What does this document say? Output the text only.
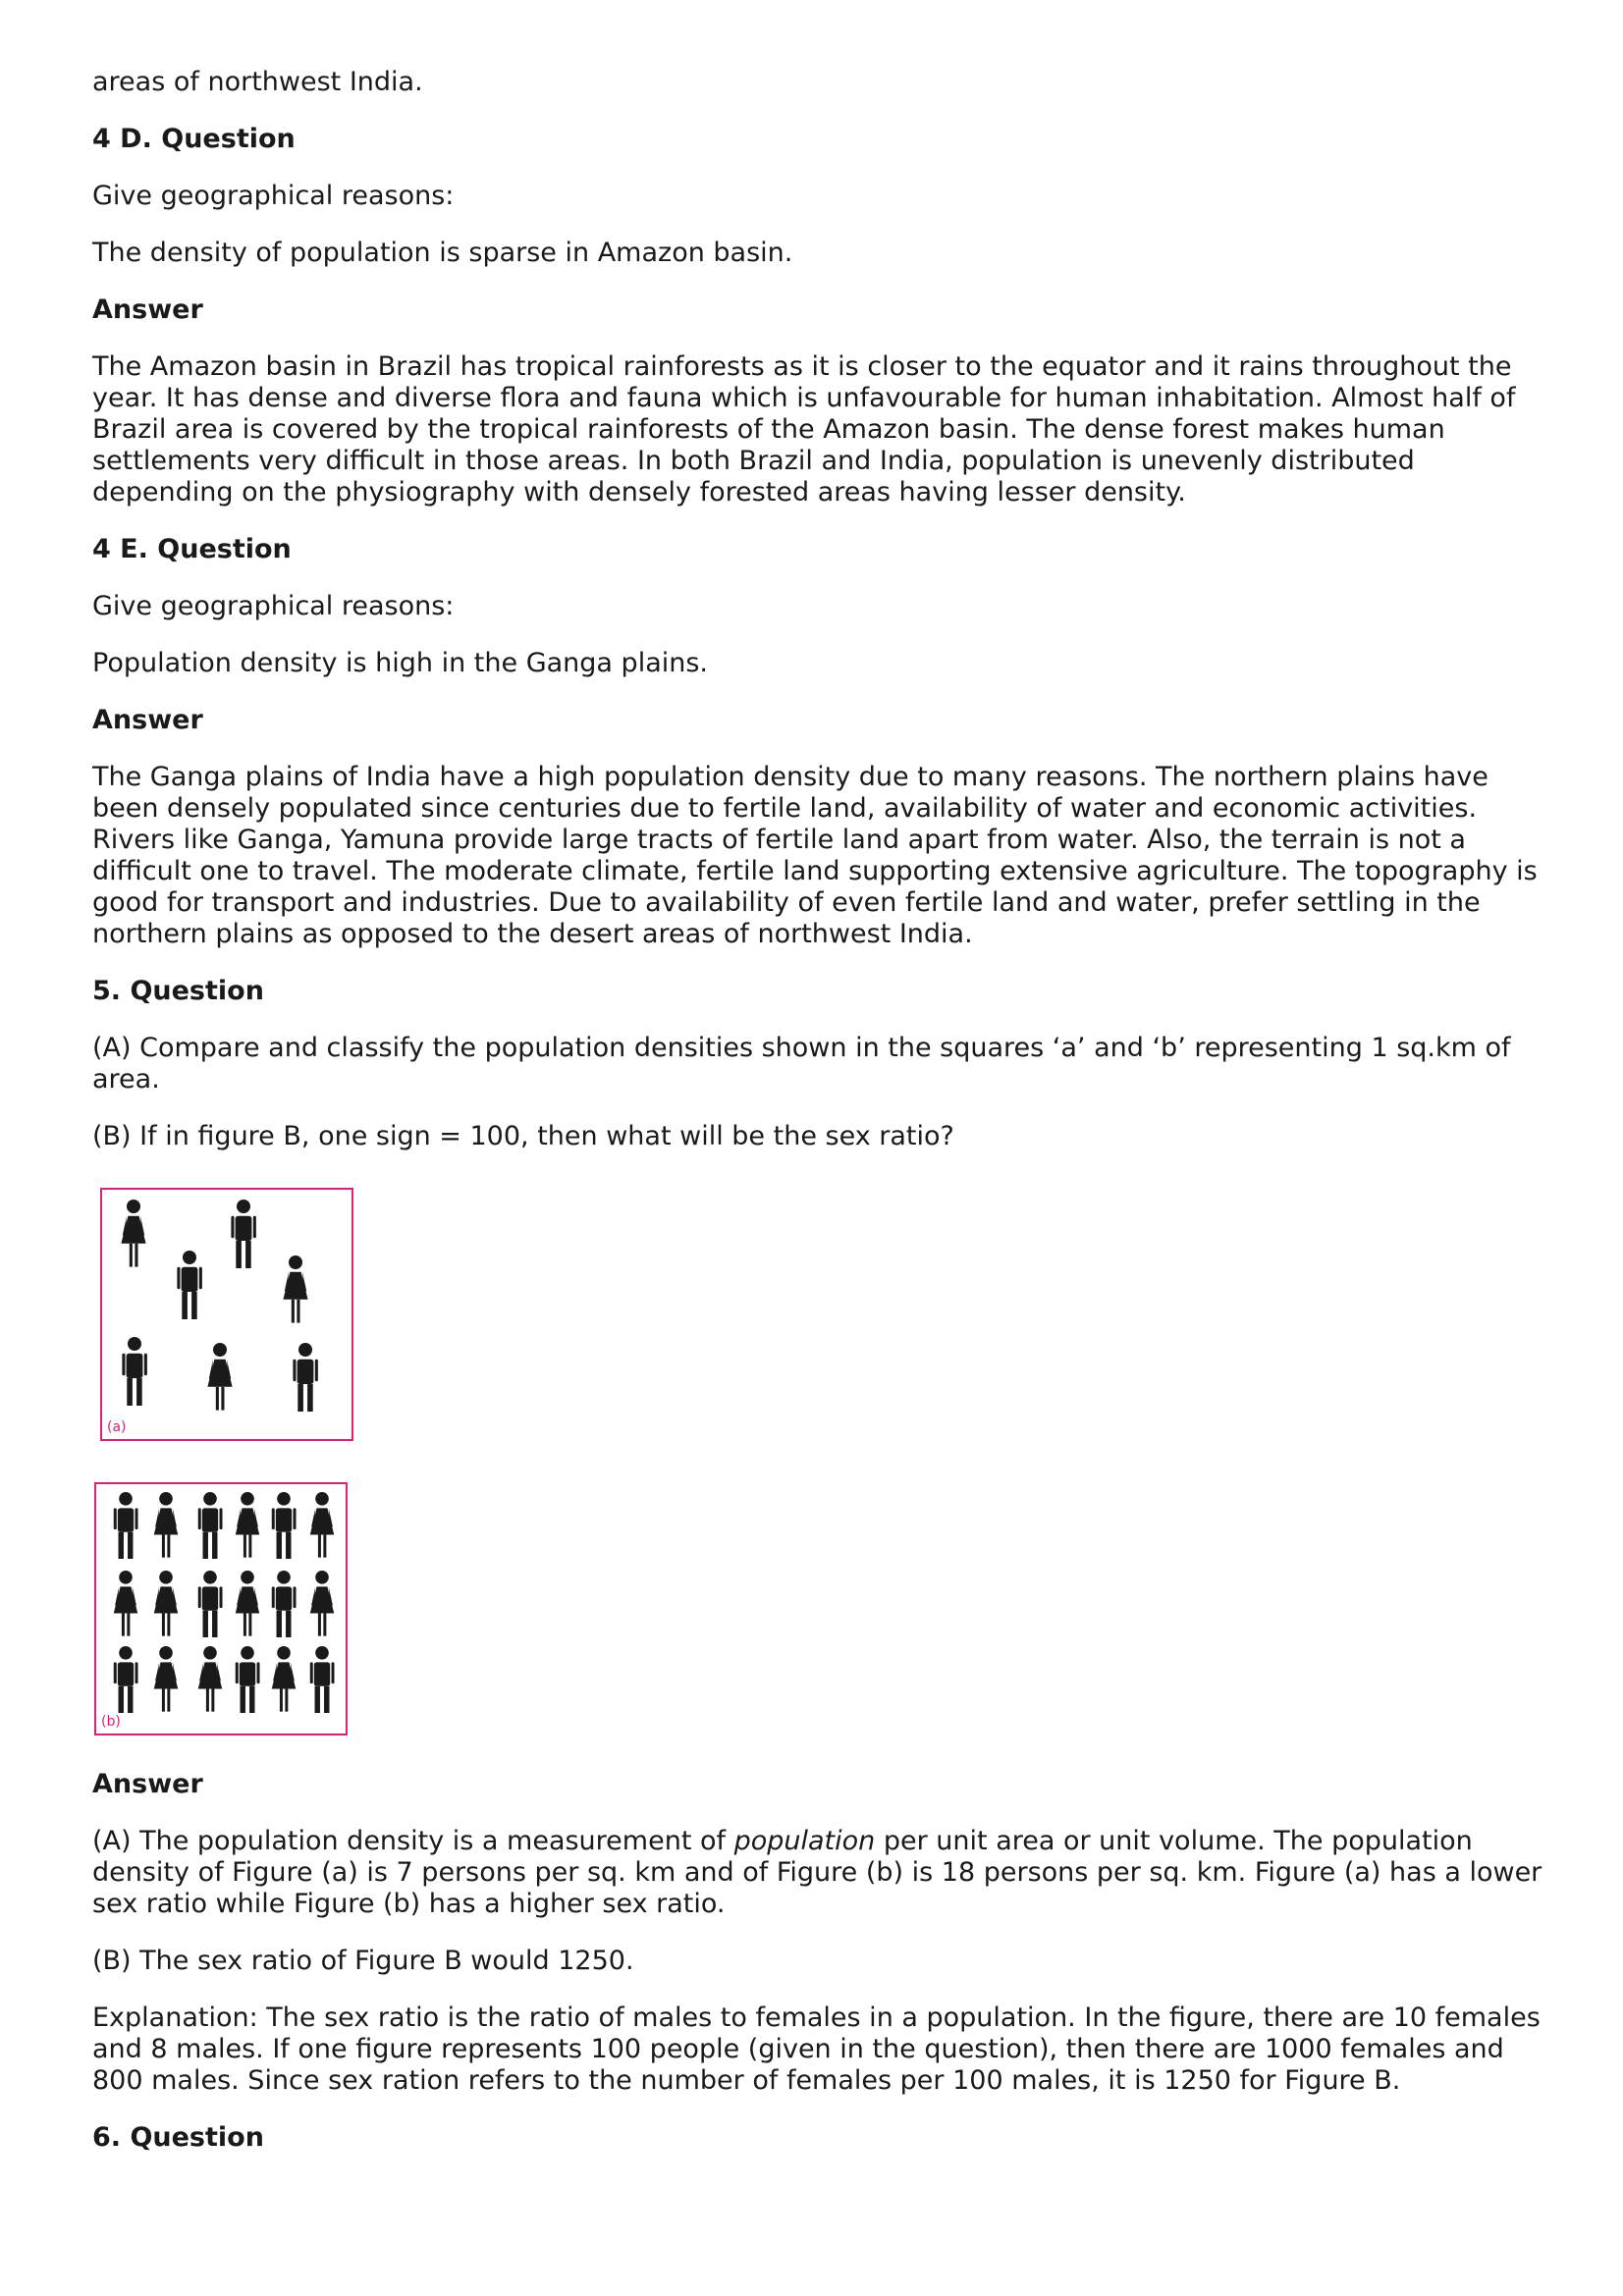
areas of northwest India.

4 D. Question

Give geographical reasons:

The density of population is sparse in Amazon basin.

Answer

The Amazon basin in Brazil has tropical rainforests as it is closer to the equator and it rains throughout the

year. It has dense and diverse flora and fauna which is unfavourable for human inhabitation. Almost half of

Brazil area is covered by the tropical rainforests of the Amazon basin. The dense forest makes human

settlements very difficult in those areas. In both Brazil and India, population is unevenly distributed

depending on the physiography with densely forested areas having lesser density.

4 E. Question

Give geographical reasons:

Population density is high in the Ganga plains.

Answer

The Ganga plains of India have a high population density due to many reasons. The northern plains have

been densely populated since centuries due to fertile land, availability of water and economic activities.

Rivers like Ganga, Yamuna provide large tracts of fertile land apart from water. Also, the terrain is not a

difficult one to travel. The moderate climate, fertile land supporting extensive agriculture. The topography is

good for transport and industries. Due to availability of even fertile land and water, prefer settling in the

northern plains as opposed to the desert areas of northwest India.

5. Question

(A) Compare and classify the population densities shown in the squares ‘a’ and ‘b’ representing 1 sq.km of

area.

(B) If in figure B, one sign = 100, then what will be the sex ratio?

(a)
(b)

Answer

(A) The population density is a measurement of population per unit area or unit volume. The population

density of Figure (a) is 7 persons per sq. km and of Figure (b) is 18 persons per sq. km. Figure (a) has a lower

sex ratio while Figure (b) has a higher sex ratio.

(B) The sex ratio of Figure B would 1250.

Explanation: The sex ratio is the ratio of males to females in a population. In the figure, there are 10 females

and 8 males. If one figure represents 100 people (given in the question), then there are 1000 females and

800 males. Since sex ration refers to the number of females per 100 males, it is 1250 for Figure B.

6. Question
